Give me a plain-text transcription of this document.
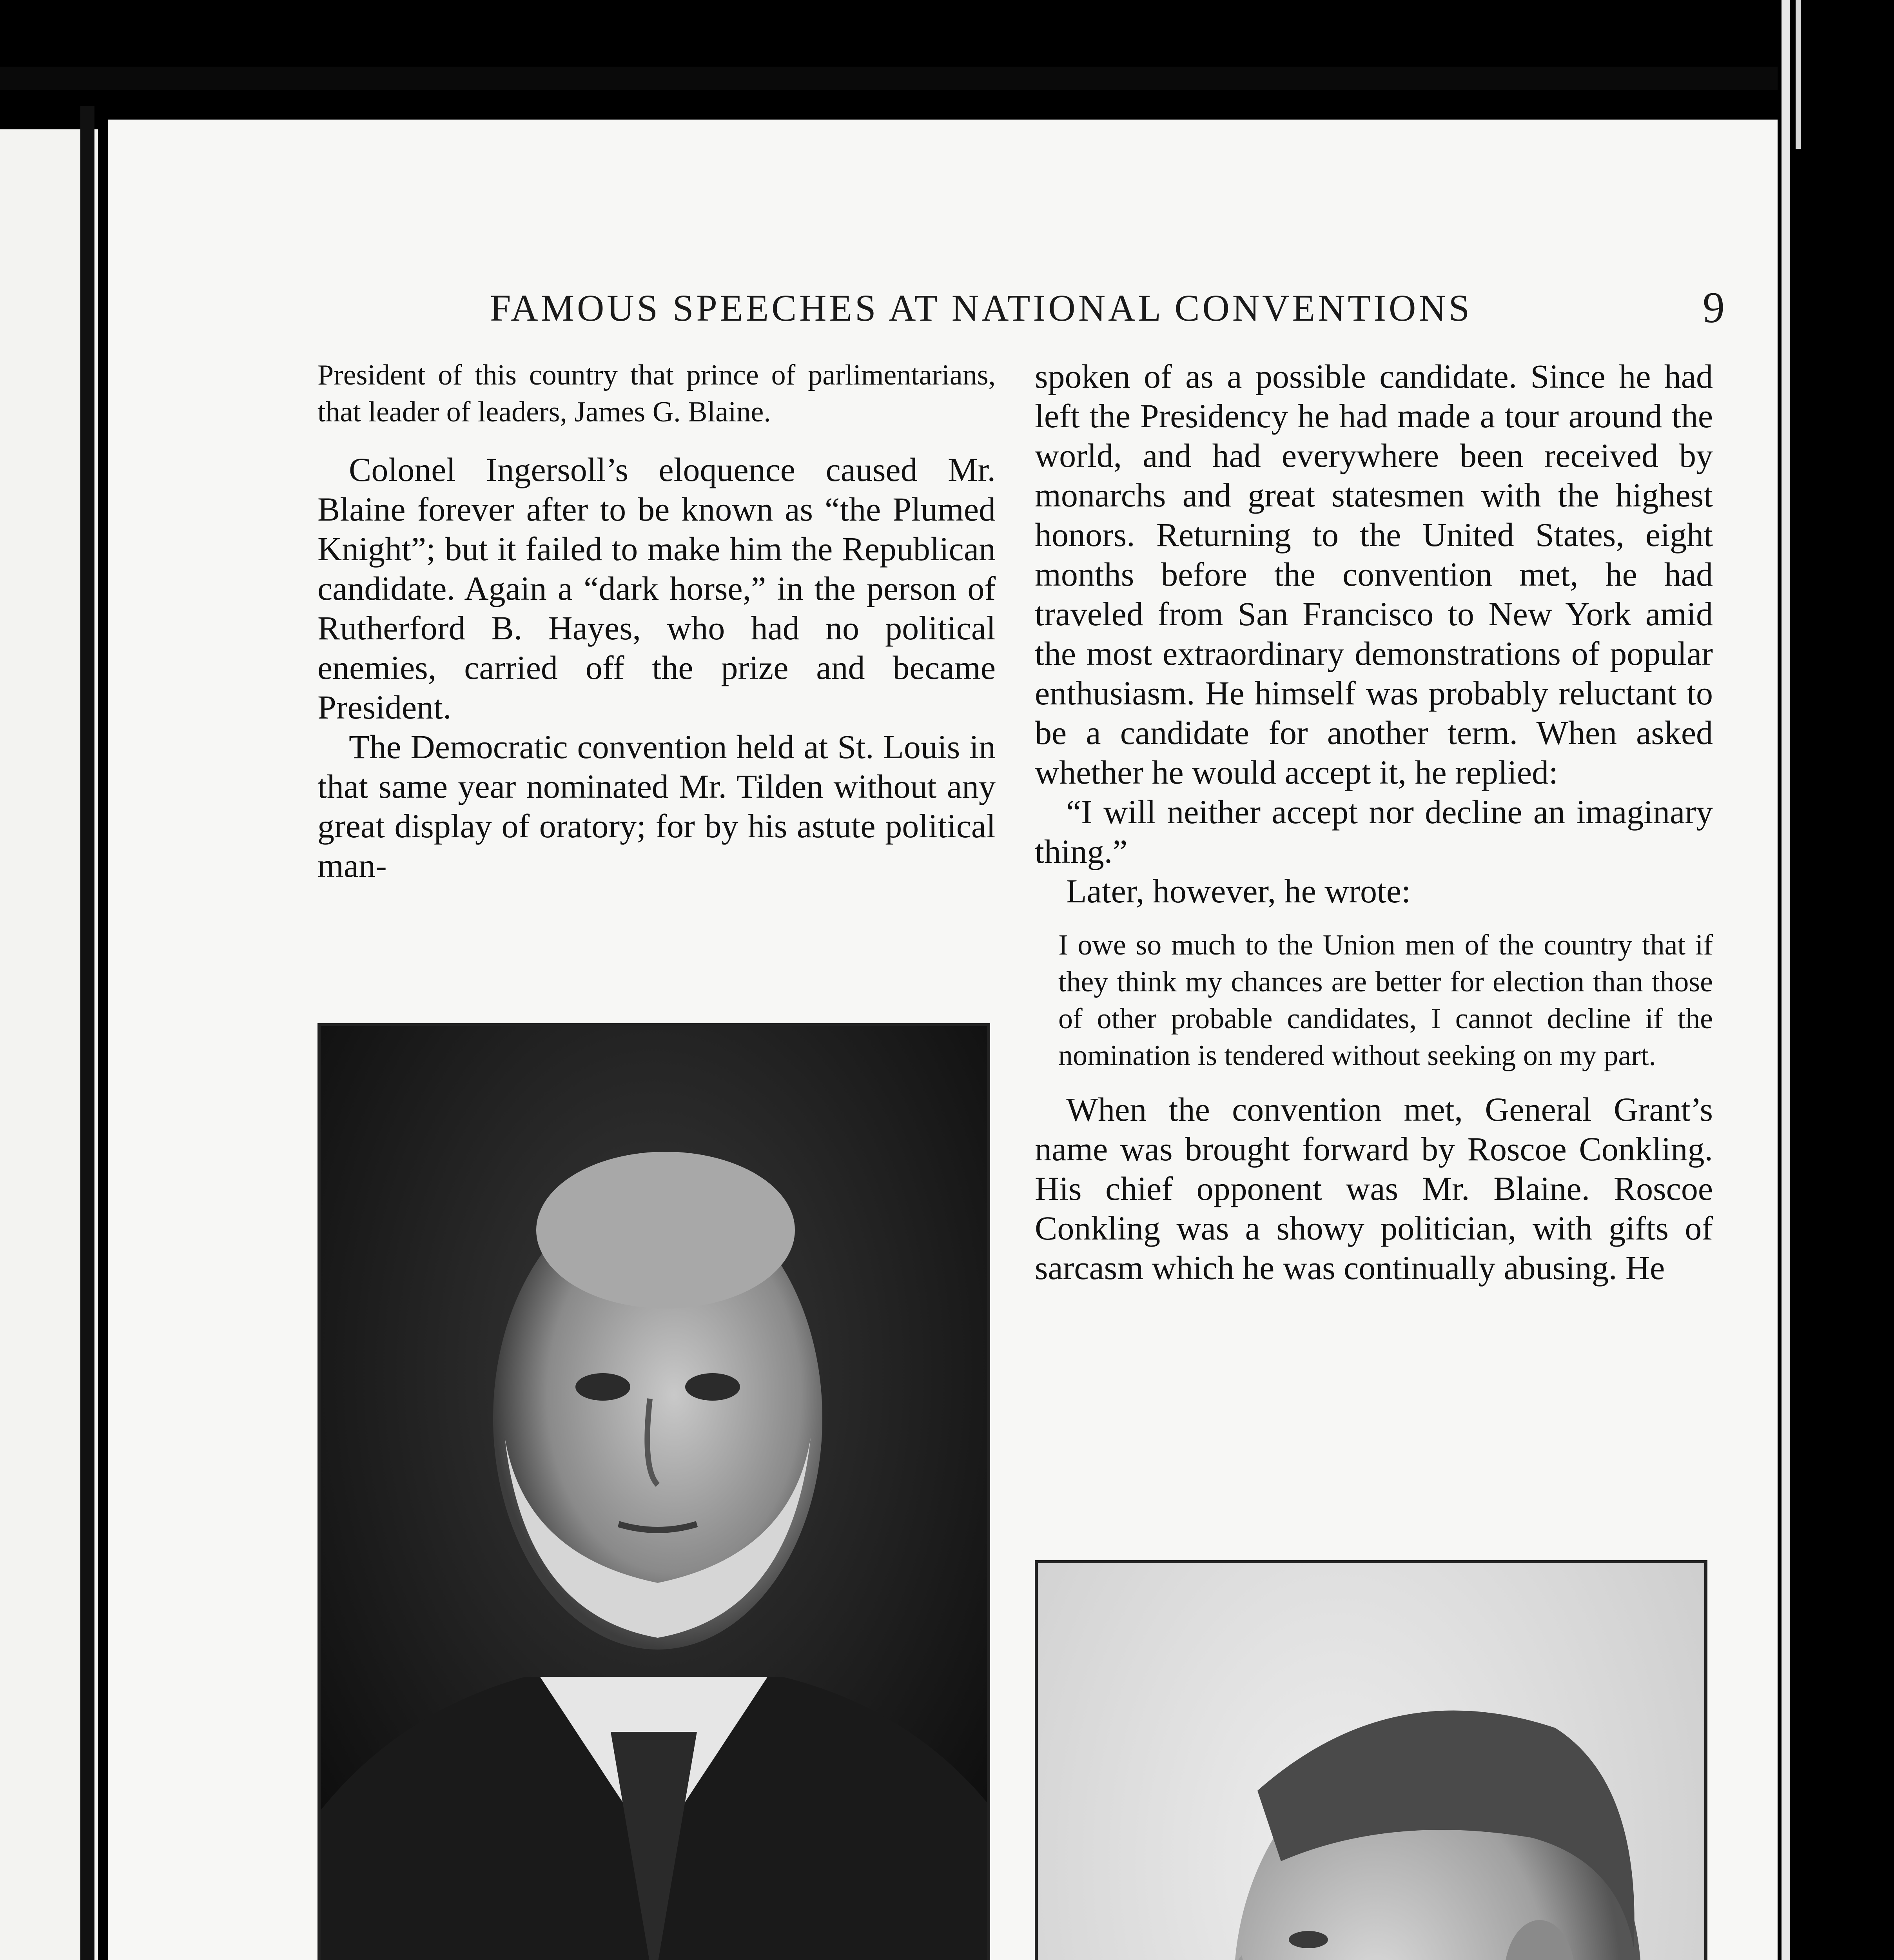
FAMOUS SPEECHES AT NATIONAL CONVENTIONS	9

President of this country that prince of parlimentarians, that leader of leaders, James G. Blaine.

Colonel Ingersoll’s eloquence caused Mr. Blaine forever after to be known as “the Plumed Knight”; but it failed to make him the Republican candidate. Again a “dark horse,” in the person of Rutherford B. Hayes, who had no political enemies, carried off the prize and became President.

The Democratic convention held at St. Louis in that same year nominated Mr. Tilden without any great display of oratory; for by his astute political man-

spoken of as a possible candidate. Since he had left the Presidency he had made a tour around the world, and had everywhere been received by monarchs and great statesmen with the highest honors. Returning to the United States, eight months before the convention met, he had traveled from San Francisco to New York amid the most extraordinary demonstrations of popular enthusiasm. He himself was probably reluctant to be a candidate for another term. When asked whether he would accept it, he replied:

“I will neither accept nor decline an imaginary thing.”

Later, however, he wrote:

I owe so much to the Union men of the country that if they think my chances are better for election than those of other probable candidates, I cannot decline if the nomination is tendered without seeking on my part.

When the convention met, General Grant’s name was brought forward by Roscoe Conkling. His chief opponent was Mr. Blaine. Roscoe Conkling was a showy politician, with gifts of sarcasm which he was continually abusing. He
